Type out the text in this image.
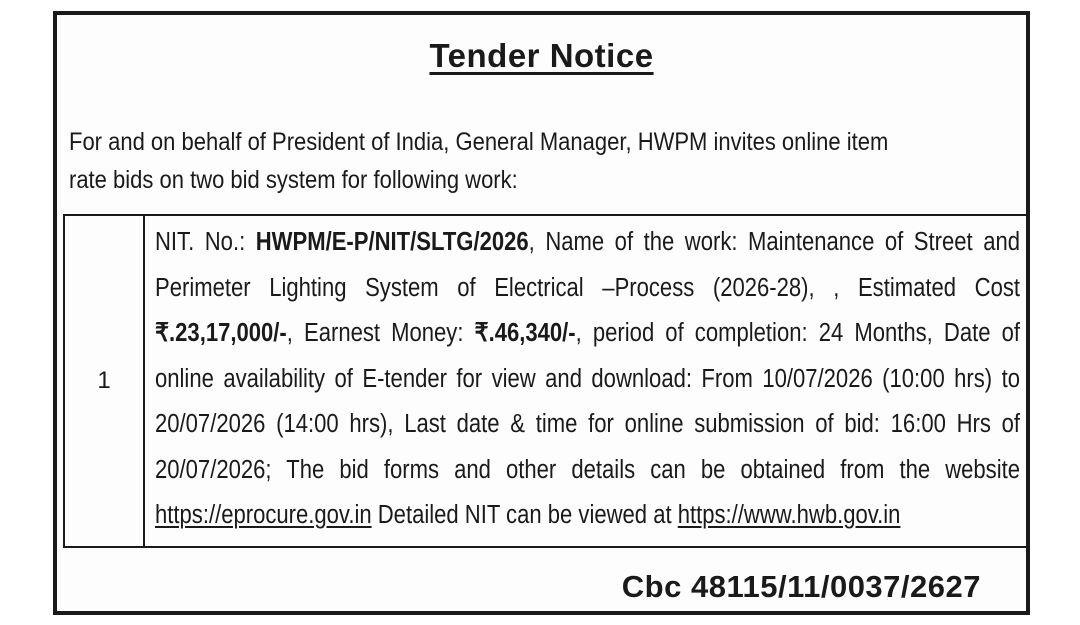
Tender Notice
For and on behalf of President of India, General Manager, HWPM invites online item
rate bids on two bid system for following work:
1
NIT. No.: HWPM/E-P/NIT/SLTG/2026, Name of the work: Maintenance of Street and Perimeter Lighting System of Electrical –Process (2026-28), , Estimated Cost ₹.23,17,000/-, Earnest Money: ₹.46,340/-, period of completion: 24 Months, Date of online availability of E-tender for view and download: From 10/07/2026 (10:00 hrs) to 20/07/2026 (14:00 hrs), Last date & time for online submission of bid: 16:00 Hrs of 20/07/2026; The bid forms and other details can be obtained from the website https://eprocure.gov.in Detailed NIT can be viewed at https://www.hwb.gov.in
Cbc 48115/11/0037/2627
